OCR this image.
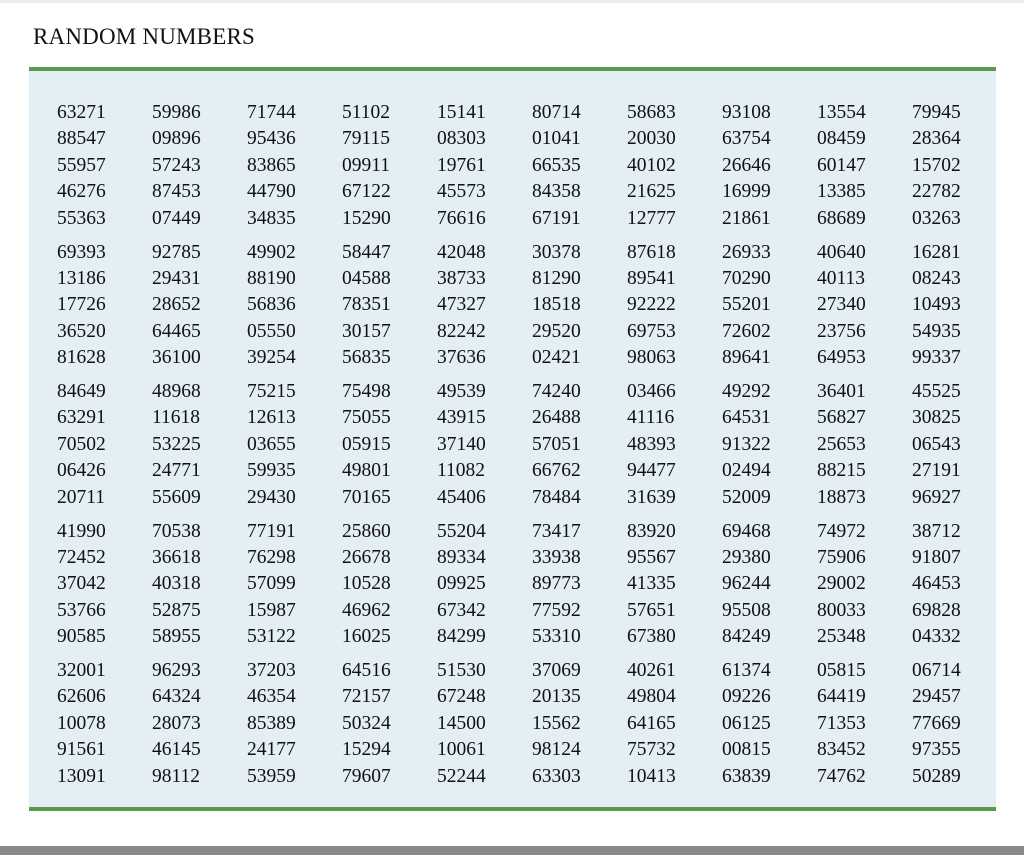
RANDOM NUMBERS
63271	59986	71744	51102	15141	80714	58683	93108	13554	79945
88547	09896	95436	79115	08303	01041	20030	63754	08459	28364
55957	57243	83865	09911	19761	66535	40102	26646	60147	15702
46276	87453	44790	67122	45573	84358	21625	16999	13385	22782
55363	07449	34835	15290	76616	67191	12777	21861	68689	03263
69393	92785	49902	58447	42048	30378	87618	26933	40640	16281
13186	29431	88190	04588	38733	81290	89541	70290	40113	08243
17726	28652	56836	78351	47327	18518	92222	55201	27340	10493
36520	64465	05550	30157	82242	29520	69753	72602	23756	54935
81628	36100	39254	56835	37636	02421	98063	89641	64953	99337
84649	48968	75215	75498	49539	74240	03466	49292	36401	45525
63291	11618	12613	75055	43915	26488	41116	64531	56827	30825
70502	53225	03655	05915	37140	57051	48393	91322	25653	06543
06426	24771	59935	49801	11082	66762	94477	02494	88215	27191
20711	55609	29430	70165	45406	78484	31639	52009	18873	96927
41990	70538	77191	25860	55204	73417	83920	69468	74972	38712
72452	36618	76298	26678	89334	33938	95567	29380	75906	91807
37042	40318	57099	10528	09925	89773	41335	96244	29002	46453
53766	52875	15987	46962	67342	77592	57651	95508	80033	69828
90585	58955	53122	16025	84299	53310	67380	84249	25348	04332
32001	96293	37203	64516	51530	37069	40261	61374	05815	06714
62606	64324	46354	72157	67248	20135	49804	09226	64419	29457
10078	28073	85389	50324	14500	15562	64165	06125	71353	77669
91561	46145	24177	15294	10061	98124	75732	00815	83452	97355
13091	98112	53959	79607	52244	63303	10413	63839	74762	50289
